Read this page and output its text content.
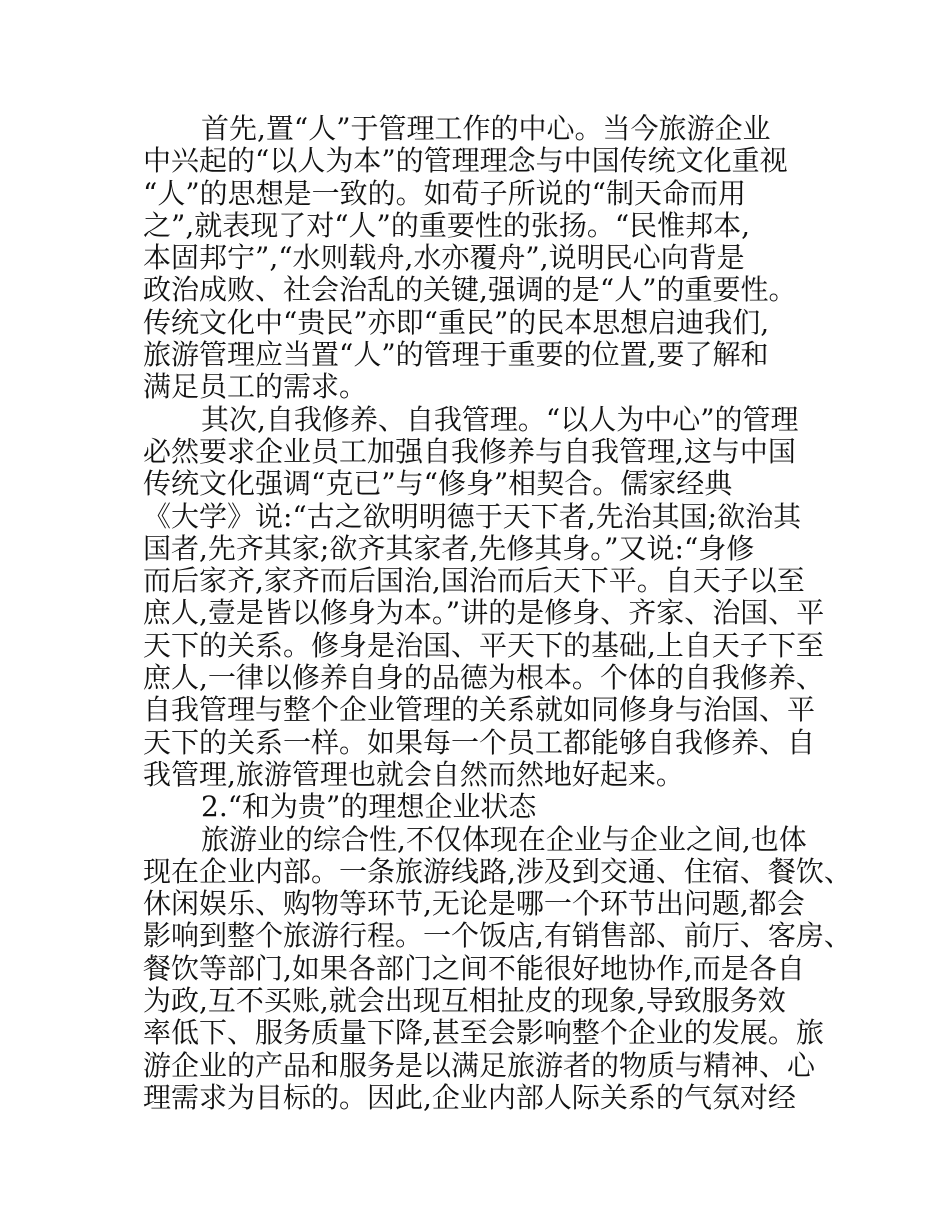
首先,置“人”于管理工作的中心。当今旅游企业
中兴起的“以人为本”的管理理念与中国传统文化重视
“人”的思想是一致的。如荀子所说的“制天命而用
之”,就表现了对“人”的重要性的张扬。“民惟邦本,
本固邦宁”,“水则载舟,水亦覆舟”,说明民心向背是
政治成败、社会治乱的关键,强调的是“人”的重要性。
传统文化中“贵民”亦即“重民”的民本思想启迪我们,
旅游管理应当置“人”的管理于重要的位置,要了解和
满足员工的需求。
其次,自我修养、自我管理。“以人为中心”的管理
必然要求企业员工加强自我修养与自我管理,这与中国
传统文化强调“克已”与“修身”相契合。儒家经典
《大学》说:“古之欲明明德于天下者,先治其国;欲治其
国者,先齐其家;欲齐其家者,先修其身。”又说:“身修
而后家齐,家齐而后国治,国治而后天下平。自天子以至
庶人,壹是皆以修身为本。”讲的是修身、齐家、治国、平
天下的关系。修身是治国、平天下的基础,上自天子下至
庶人,一律以修养自身的品德为根本。个体的自我修养、
自我管理与整个企业管理的关系就如同修身与治国、平
天下的关系一样。如果每一个员工都能够自我修养、自
我管理,旅游管理也就会自然而然地好起来。
2.“和为贵”的理想企业状态
旅游业的综合性,不仅体现在企业与企业之间,也体
现在企业内部。一条旅游线路,涉及到交通、住宿、餐饮、
休闲娱乐、购物等环节,无论是哪一个环节出问题,都会
影响到整个旅游行程。一个饭店,有销售部、前厅、客房、
餐饮等部门,如果各部门之间不能很好地协作,而是各自
为政,互不买账,就会出现互相扯皮的现象,导致服务效
率低下、服务质量下降,甚至会影响整个企业的发展。旅
游企业的产品和服务是以满足旅游者的物质与精神、心
理需求为目标的。因此,企业内部人际关系的气氛对经
